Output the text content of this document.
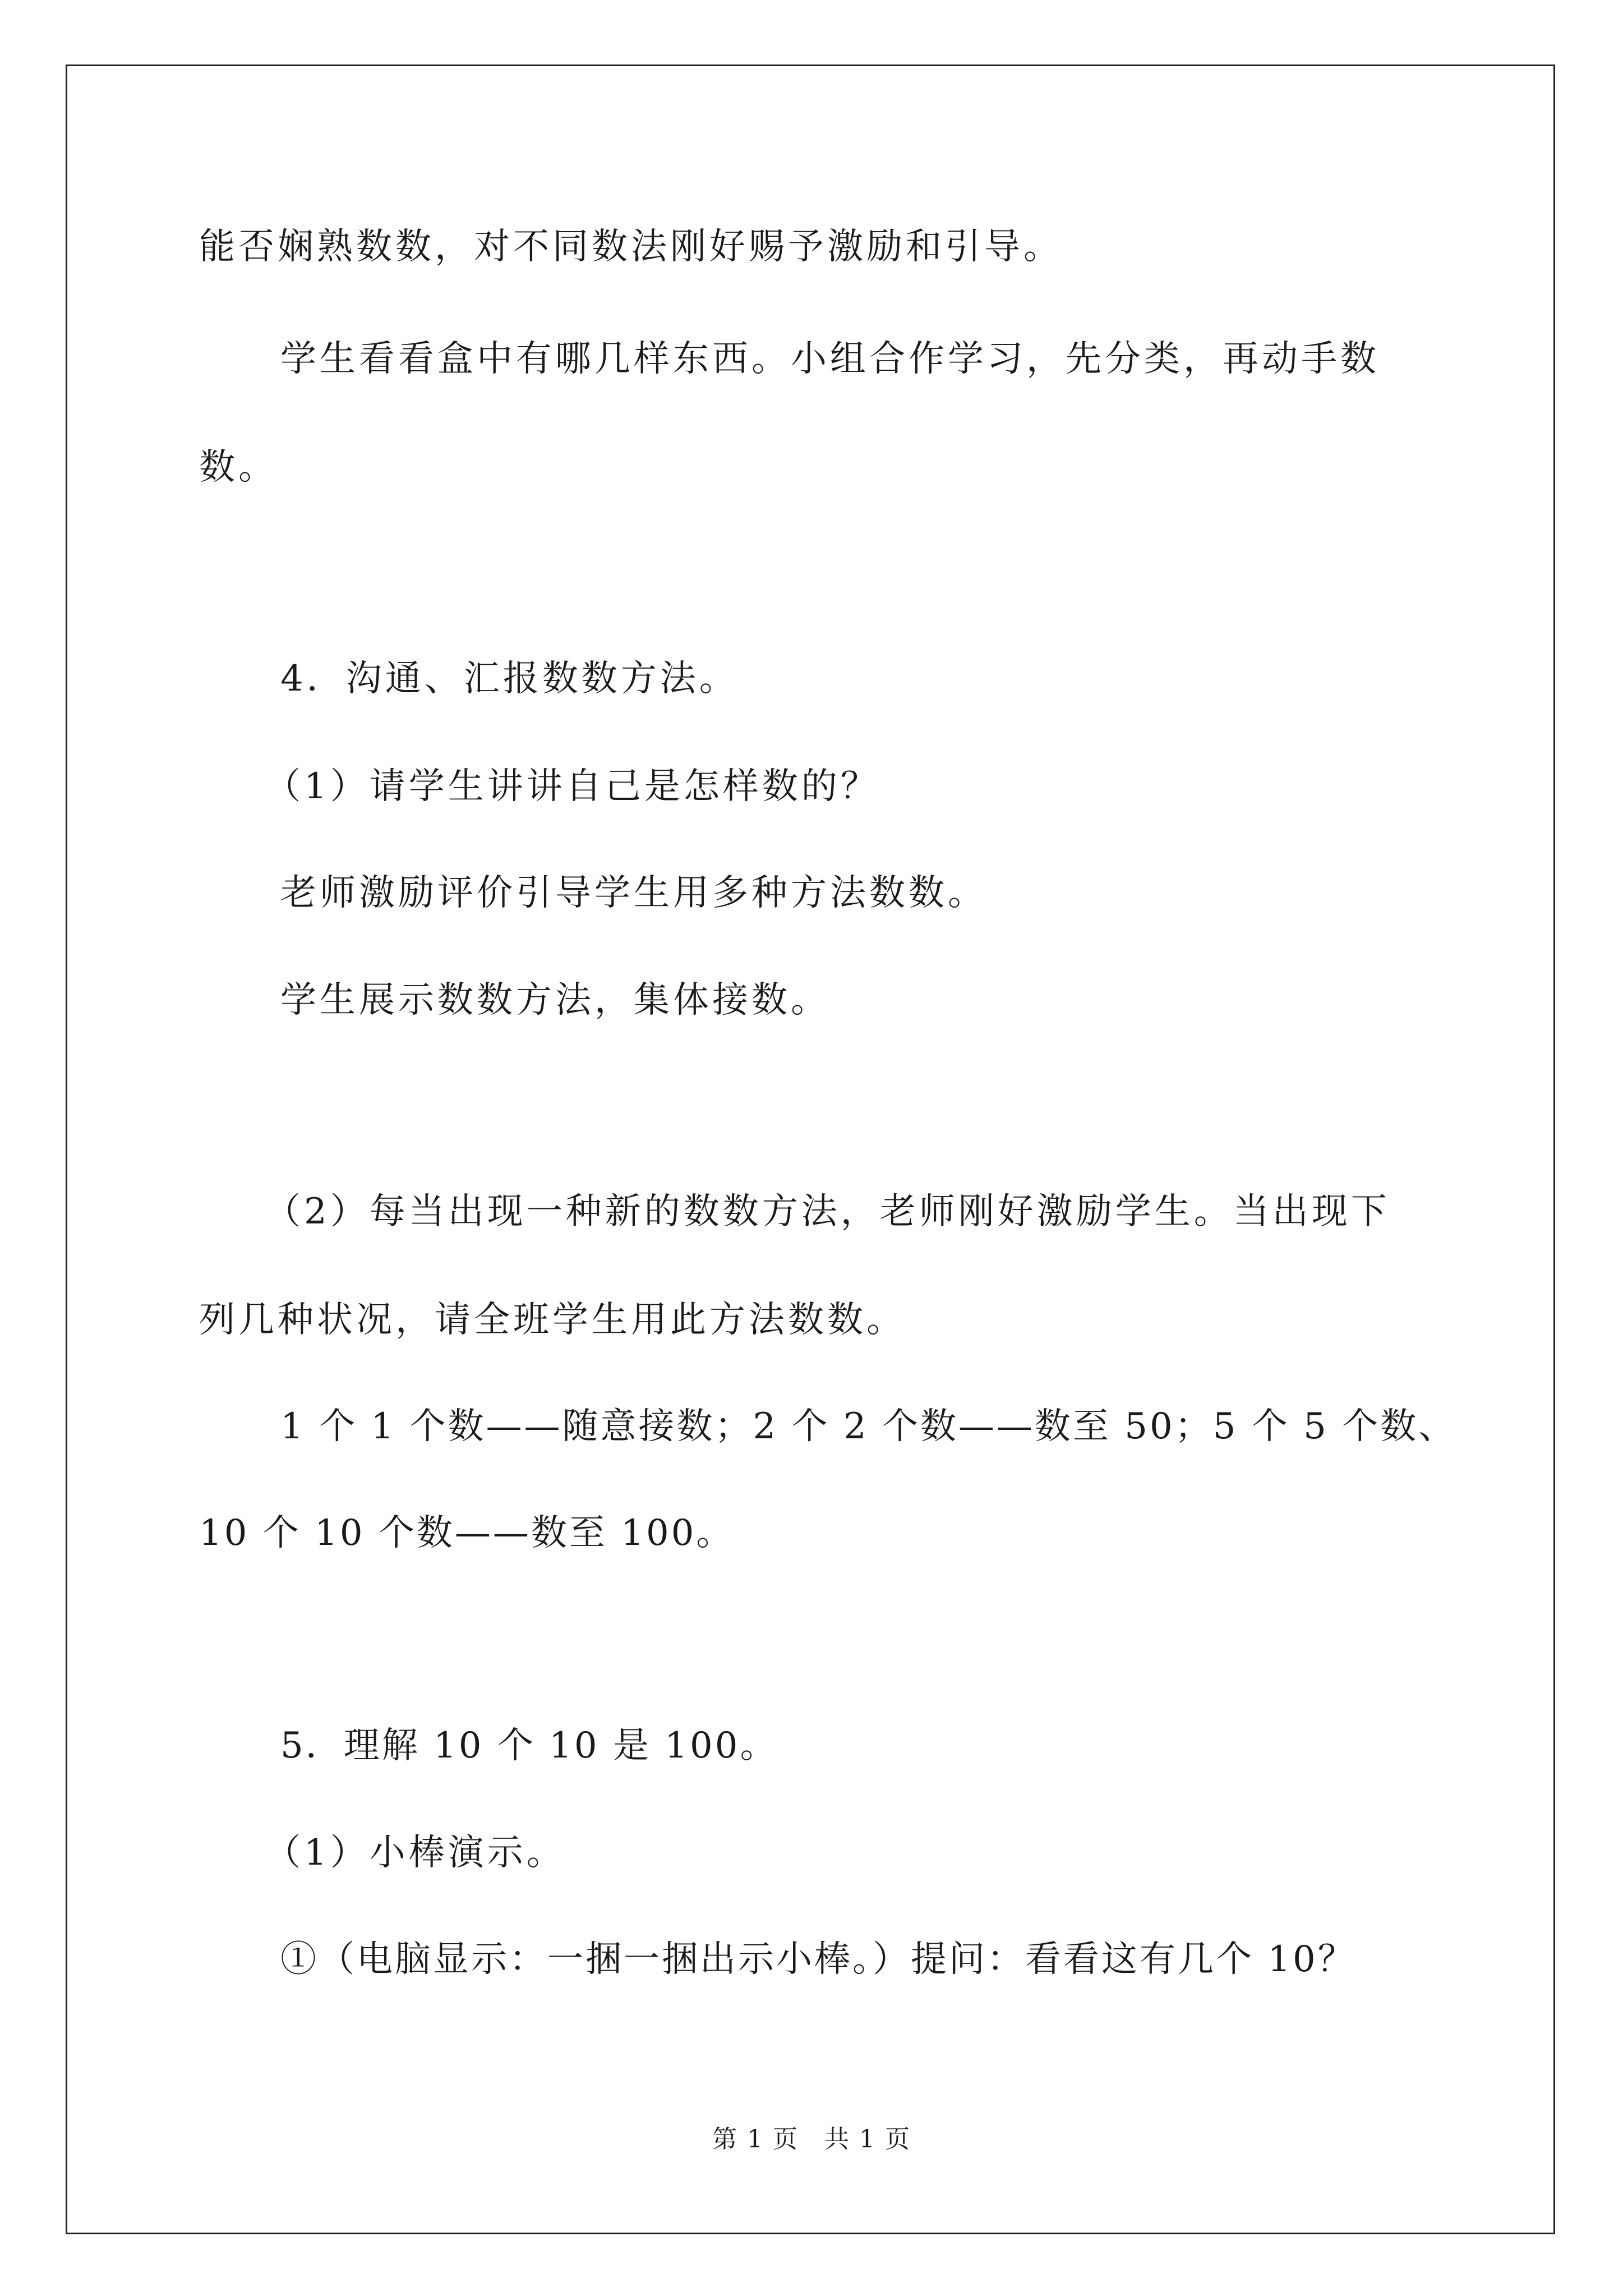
能否娴熟数数，对不同数法刚好赐予激励和引导。
学生看看盒中有哪几样东西。小组合作学习，先分类，再动手数
数。
4．沟通、汇报数数方法。
（1）请学生讲讲自己是怎样数的？
老师激励评价引导学生用多种方法数数。
学生展示数数方法，集体接数。
（2）每当出现一种新的数数方法，老师刚好激励学生。当出现下
列几种状况，请全班学生用此方法数数。
1 个 1 个数——随意接数；2 个 2 个数——数至 50；5 个 5 个数、
10 个 10 个数——数至 100。
5．理解 10 个 10 是 100。
（1）小棒演示。
①（电脑显示：一捆一捆出示小棒。）提问：看看这有几个 10？
第 1 页　共 1 页
